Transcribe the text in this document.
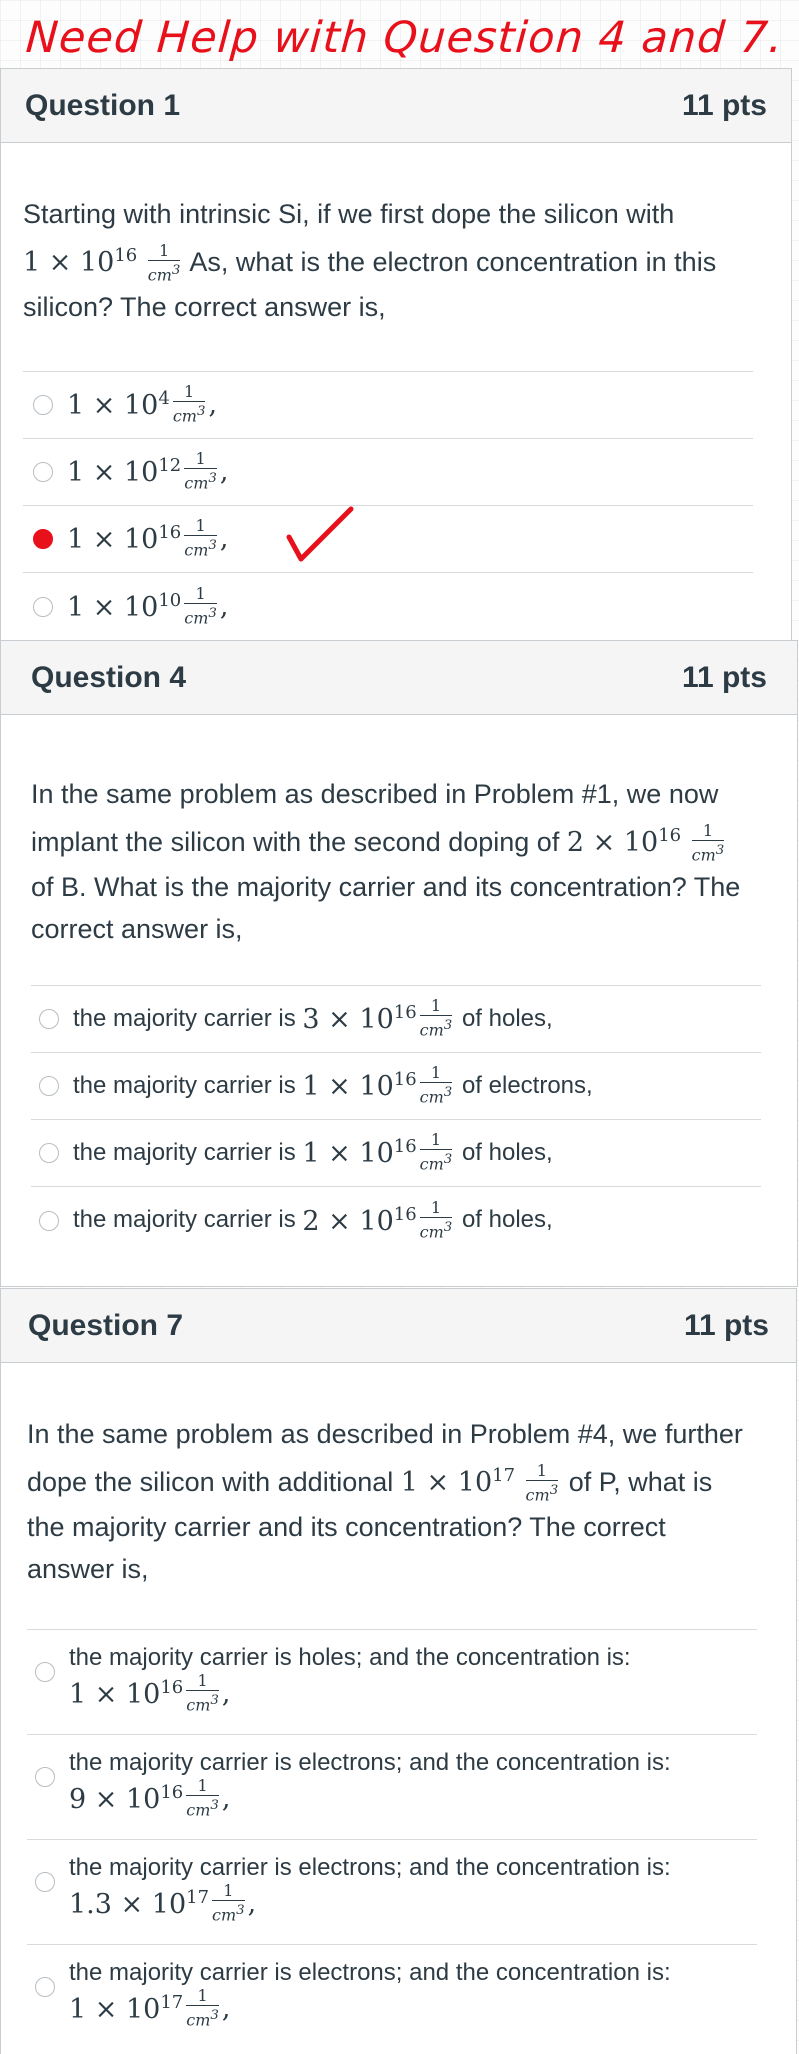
Need Help with Question 4 and 7.
Question 1	11 pts
Starting with intrinsic Si, if we first dope the silicon with
$1 \times 10^{16} \frac{1}{cm^3} As$, what is the electron concentration in this
silicon? The correct answer is,
$1 \times 10^4 \frac{1}{cm^3}$ ,
$1 \times 10^{12} \frac{1}{cm^3}$ ,
$1 \times 10^{16} \frac{1}{cm^3}$ ,
$1 \times 10^{10} \frac{1}{cm^3}$ ,
Question 4	11 pts
In the same problem as described in Problem #1, we now
implant the silicon with the second doping of $2 \times 10^{16} \frac{1}{cm^3}$
of B. What is the majority carrier and its concentration? The
correct answer is,
the majority carrier is
$3 \times 10^{16} \frac{1}{cm^3}$
of holes,
the majority carrier is
$1 \times 10^{16} \frac{1}{cm^3}$
of electrons,
the majority carrier is
$1 \times 10^{16} \frac{1}{cm^3}$
of holes,
the majority carrier is
$2 \times 10^{16} \frac{1}{cm^3}$
of holes,
Question 7	11 pts
In the same problem as described in Problem #4, we further
dope the silicon with additional $1 \times 10^{17} \frac{1}{cm^3}$ of P, what is
the majority carrier and its concentration? The correct
answer is,
the majority carrier is holes; and the concentration is:
$1 \times 10^{16} \frac{1}{cm^3}$ ,
the majority carrier is electrons; and the concentration is:
$9 \times 10^{16} \frac{1}{cm^3}$ ,
the majority carrier is electrons; and the concentration is:
$1.3 \times 10^{17} \frac{1}{cm^3}$ ,
the majority carrier is electrons; and the concentration is:
$1 \times 10^{17} \frac{1}{cm^3}$ ,
